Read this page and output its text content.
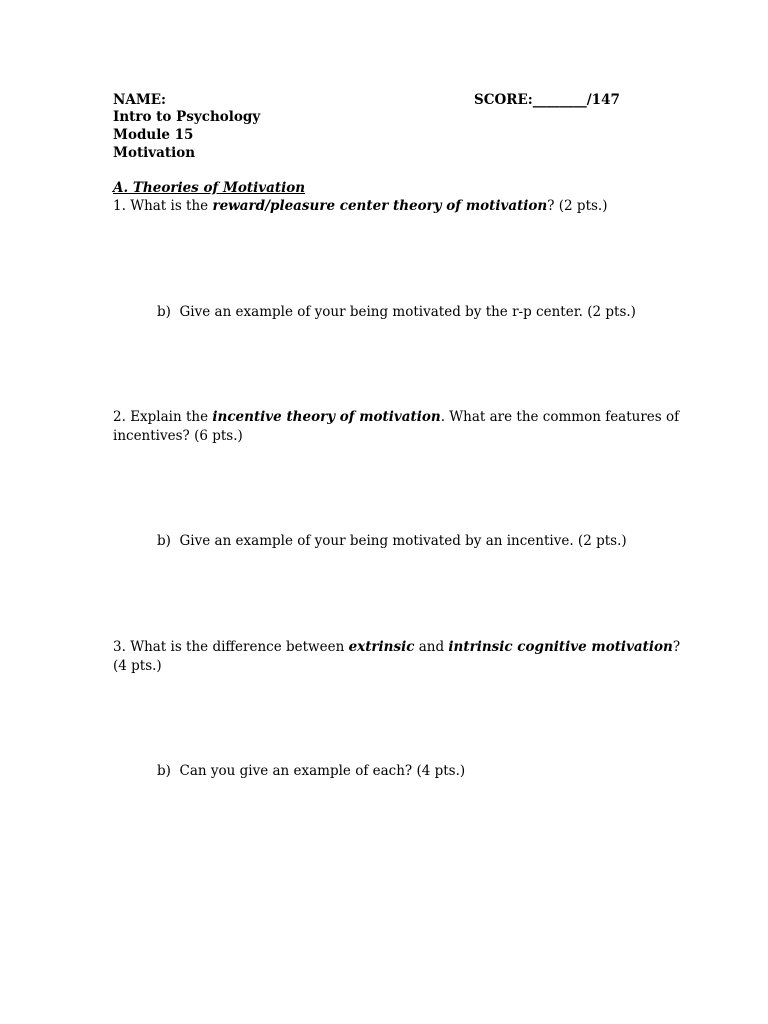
NAME:	SCORE:________/147
Intro to Psychology
Module 15
Motivation
A. Theories of Motivation
1. What is the reward/pleasure center theory of motivation? (2 pts.)
b) Give an example of your being motivated by the r-p center. (2 pts.)
2. Explain the incentive theory of motivation. What are the common features of
incentives? (6 pts.)
b) Give an example of your being motivated by an incentive. (2 pts.)
3. What is the difference between extrinsic and intrinsic cognitive motivation?
(4 pts.)
b) Can you give an example of each? (4 pts.)
